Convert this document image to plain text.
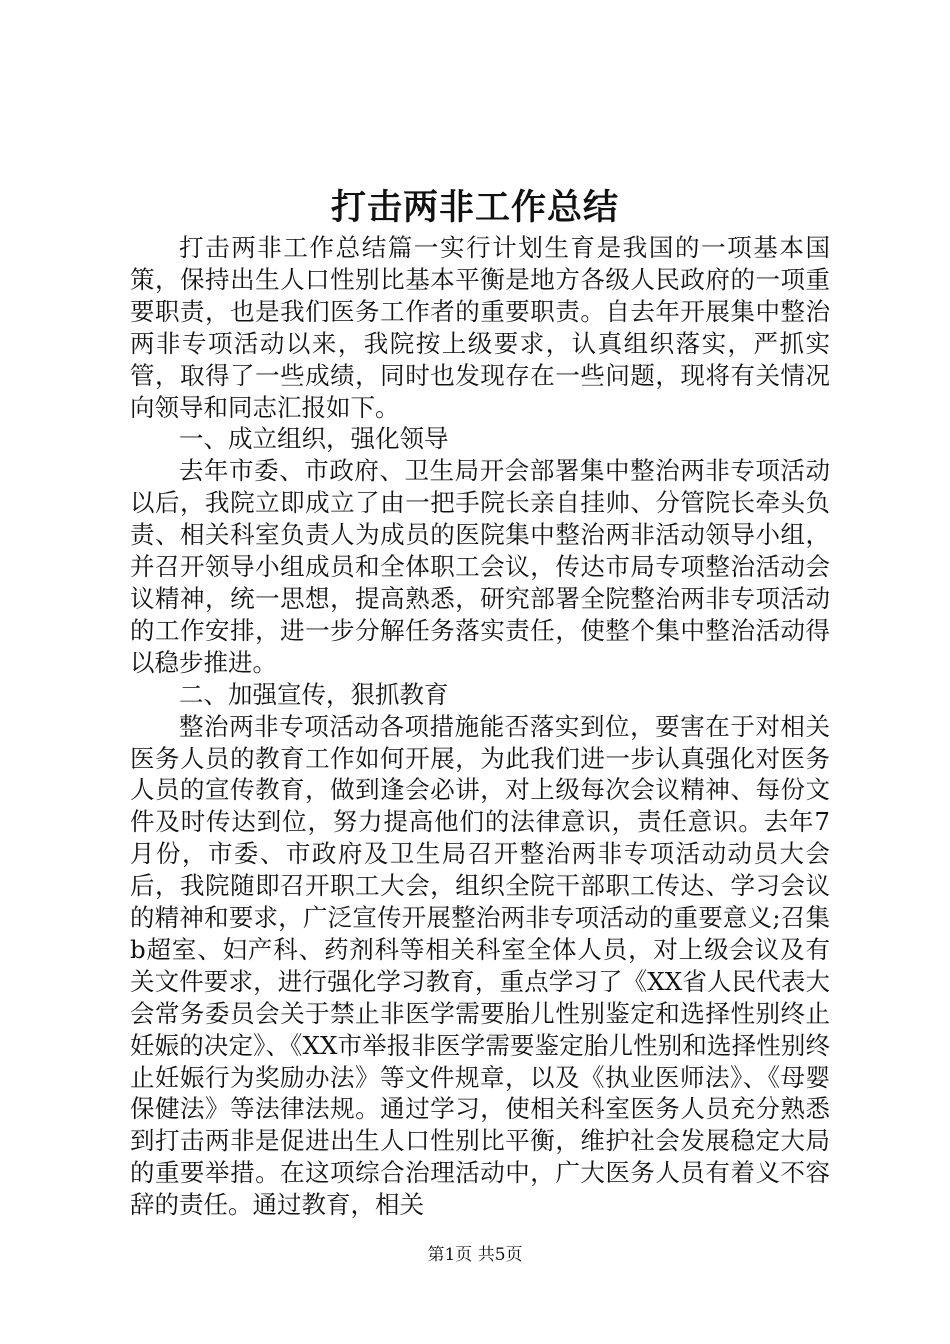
打击两非工作总结

打击两非工作总结篇一实行计划生育是我国的一项基本国策，保持出生人口性别比基本平衡是地方各级人民政府的一项重要职责，也是我们医务工作者的重要职责。自去年开展集中整治两非专项活动以来，我院按上级要求，认真组织落实，严抓实管，取得了一些成绩，同时也发现存在一些问题，现将有关情况向领导和同志汇报如下。

一、成立组织，强化领导

去年市委、市政府、卫生局开会部署集中整治两非专项活动以后，我院立即成立了由一把手院长亲自挂帅、分管院长牵头负责、相关科室负责人为成员的医院集中整治两非活动领导小组，并召开领导小组成员和全体职工会议，传达市局专项整治活动会议精神，统一思想，提高熟悉，研究部署全院整治两非专项活动的工作安排，进一步分解任务落实责任，使整个集中整治活动得以稳步推进。

二、加强宣传，狠抓教育

整治两非专项活动各项措施能否落实到位，要害在于对相关医务人员的教育工作如何开展，为此我们进一步认真强化对医务人员的宣传教育，做到逢会必讲，对上级每次会议精神、每份文件及时传达到位，努力提高他们的法律意识，责任意识。去年7月份，市委、市政府及卫生局召开整治两非专项活动动员大会后，我院随即召开职工大会，组织全院干部职工传达、学习会议的精神和要求，广泛宣传开展整治两非专项活动的重要意义;召集b超室、妇产科、药剂科等相关科室全体人员，对上级会议及有关文件要求，进行强化学习教育，重点学习了《XX省人民代表大会常务委员会关于禁止非医学需要胎儿性别鉴定和选择性别终止妊娠的决定》、《XX市举报非医学需要鉴定胎儿性别和选择性别终止妊娠行为奖励办法》等文件规章，以及《执业医师法》、《母婴保健法》等法律法规。通过学习，使相关科室医务人员充分熟悉到打击两非是促进出生人口性别比平衡，维护社会发展稳定大局的重要举措。在这项综合治理活动中，广大医务人员有着义不容辞的责任。通过教育，相关

第1页 共5页
